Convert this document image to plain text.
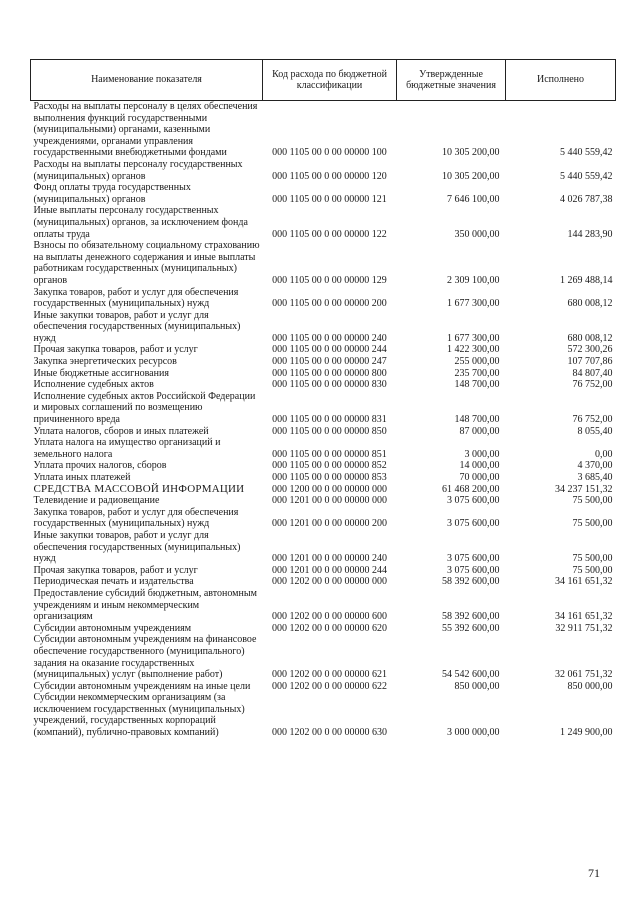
Наименование показателя	Код расхода по бюджетной классификации	Утвержденные бюджетные значения	Исполнено
Расходы на выплаты персоналу в целях обеспечения выполнения функций государственными (муниципальными) органами, казенными учреждениями, органами управления государственными внебюджетными фондами	000 1105 00 0 00 00000 100	10 305 200,00	5 440 559,42
Расходы на выплаты персоналу государственных (муниципальных) органов	000 1105 00 0 00 00000 120	10 305 200,00	5 440 559,42
Фонд оплаты труда государственных (муниципальных) органов	000 1105 00 0 00 00000 121	7 646 100,00	4 026 787,38
Иные выплаты персоналу государственных (муниципальных) органов, за исключением фонда оплаты труда	000 1105 00 0 00 00000 122	350 000,00	144 283,90
Взносы по обязательному социальному страхованию на выплаты денежного содержания и иные выплаты работникам государственных (муниципальных) органов	000 1105 00 0 00 00000 129	2 309 100,00	1 269 488,14
Закупка товаров, работ и услуг для обеспечения государственных (муниципальных) нужд	000 1105 00 0 00 00000 200	1 677 300,00	680 008,12
Иные закупки товаров, работ и услуг для обеспечения государственных (муниципальных) нужд	000 1105 00 0 00 00000 240	1 677 300,00	680 008,12
Прочая закупка товаров, работ и услуг	000 1105 00 0 00 00000 244	1 422 300,00	572 300,26
Закупка энергетических ресурсов	000 1105 00 0 00 00000 247	255 000,00	107 707,86
Иные бюджетные ассигнования	000 1105 00 0 00 00000 800	235 700,00	84 807,40
Исполнение судебных актов	000 1105 00 0 00 00000 830	148 700,00	76 752,00
Исполнение судебных актов Российской Федерации и мировых соглашений по возмещению причиненного вреда	000 1105 00 0 00 00000 831	148 700,00	76 752,00
Уплата налогов, сборов и иных платежей	000 1105 00 0 00 00000 850	87 000,00	8 055,40
Уплата налога на имущество организаций и земельного налога	000 1105 00 0 00 00000 851	3 000,00	0,00
Уплата прочих налогов, сборов	000 1105 00 0 00 00000 852	14 000,00	4 370,00
Уплата иных платежей	000 1105 00 0 00 00000 853	70 000,00	3 685,40
СРЕДСТВА МАССОВОЙ ИНФОРМАЦИИ	000 1200 00 0 00 00000 000	61 468 200,00	34 237 151,32
Телевидение и радиовещание	000 1201 00 0 00 00000 000	3 075 600,00	75 500,00
Закупка товаров, работ и услуг для обеспечения государственных (муниципальных) нужд	000 1201 00 0 00 00000 200	3 075 600,00	75 500,00
Иные закупки товаров, работ и услуг для обеспечения государственных (муниципальных) нужд	000 1201 00 0 00 00000 240	3 075 600,00	75 500,00
Прочая закупка товаров, работ и услуг	000 1201 00 0 00 00000 244	3 075 600,00	75 500,00
Периодическая печать и издательства	000 1202 00 0 00 00000 000	58 392 600,00	34 161 651,32
Предоставление субсидий бюджетным, автономным учреждениям и иным некоммерческим организациям	000 1202 00 0 00 00000 600	58 392 600,00	34 161 651,32
Субсидии автономным учреждениям	000 1202 00 0 00 00000 620	55 392 600,00	32 911 751,32
Субсидии автономным учреждениям на финансовое обеспечение государственного (муниципального) задания на оказание государственных (муниципальных) услуг (выполнение работ)	000 1202 00 0 00 00000 621	54 542 600,00	32 061 751,32
Субсидии автономным учреждениям на иные цели	000 1202 00 0 00 00000 622	850 000,00	850 000,00
Субсидии некоммерческим организациям (за исключением государственных (муниципальных) учреждений, государственных корпораций (компаний), публично-правовых компаний)	000 1202 00 0 00 00000 630	3 000 000,00	1 249 900,00
71
